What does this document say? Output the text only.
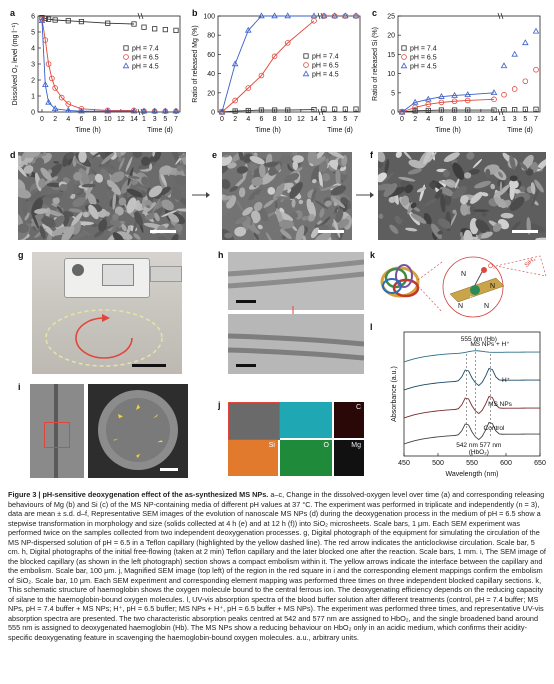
a	b	c
0
1
2
3
4
5
6
0 2 4 6 8 10 12 14 1 3 5 7
Time (h)	Time (d)
Dissolved O₂ level (mg l⁻¹)	pH = 7.4
pH = 6.5
pH = 4.5
0
20
40
60
80
100
0 2 4 6 8 10 12 14 1 3 5 7
Time (h)	Time (d)
Ratio of released Mg (%)	pH = 7.4
pH = 6.5
pH = 4.5
0
5
10
15
20
25
0 2 4 6 8 10 12 14 1 3 5 7
Time (h)	Time (d)
Ratio of released Si (%)	pH = 7.4
pH = 6.5
pH = 4.5
d	e	f
g	h	k
N
N	N
N
Fe
O₂	SiH₄
l
450	500	550	600	650
Wavelength (nm)
Absorbance (a.u.)
MS NPs + H⁺
H⁺
MS NPs
Control
555 nm (Hb)
542 nm 577 nm
(HbO₂)
i
j	C
Si	O	Mg
Figure 3 | pH-sensitive deoxygenation effect of the as-synthesized MS NPs. a–c, Change in the dissolved-oxygen level over time (a) and corresponding releasing behaviours of Mg (b) and Si (c) of the MS NP-containing media of different pH values at 37 °C. The experiment was performed in triplicate and independently (n = 3), data are mean ± s.d. d–f, Representative SEM images of the evolution of nanoscale MS NPs (d) during the deoxygenation process in the medium of pH = 6.5 show a stepwise transformation in morphology and size (solids collected at 4 h (e) and at 12 h (f)) into SiO₂ microsheets. Scale bars, 1 μm. Each SEM experiment was performed twice on the samples collected from two independent deoxygenation processes. g, Digital photograph of the equipment for simulating the circulation of the MS NP-dispersed solution of pH = 6.5 in a Teflon capillary (highlighted by the yellow dashed line). The red arrow indicates the anticlockwise circulation. Scale bar, 5 cm. h, Digital photographs of the initial free-flowing (taken at 2 min) Teflon capillary and the later blocked one after the reaction. Scale bars, 1 mm. i, The SEM image of the blocked capillary (as shown in the left photograph) section shows a compact embolism within it. The yellow arrows indicate the interface between the capillary and the embolism. Scale bar, 100 μm. j, Magnified SEM image (top left) of the region in the red square in i and the corresponding element mappings confirm the embolism of SiO₂. Scale bar, 10 μm. Each SEM experiment and corresponding element mapping was performed three times on three independent blocked capillary sections. k, This schematic structure of haemoglobin shows the oxygen molecule bound to the central ferrous ion. The deoxygenating efficiency depends on the reducing capacity of silane to the haemoglobin-bound oxygen molecules. l, UV-vis absorption spectra of the blood buffer solution after different treatments (control, pH = 7.4 buffer; MS NPs, pH = 7.4 buffer + MS NPs; H⁺, pH = 6.5 buffer; MS NPs + H⁺, pH = 6.5 buffer + MS NPs). The experiment was performed three times, and representative UV-vis absorption spectra are presented. The two characteristic absorption peaks centred at 542 and 577 nm are assigned to HbO₂, and the single broadened band around 555 nm is assigned to deoxygenated haemoglobin (Hb). The MS NPs show a reducing behaviour on HbO₂ only in an acidic medium, which confirms their acidity-specific deoxygenating feature in scavenging the haemoglobin-bound oxygen molecules. a.u., arbitrary units.
